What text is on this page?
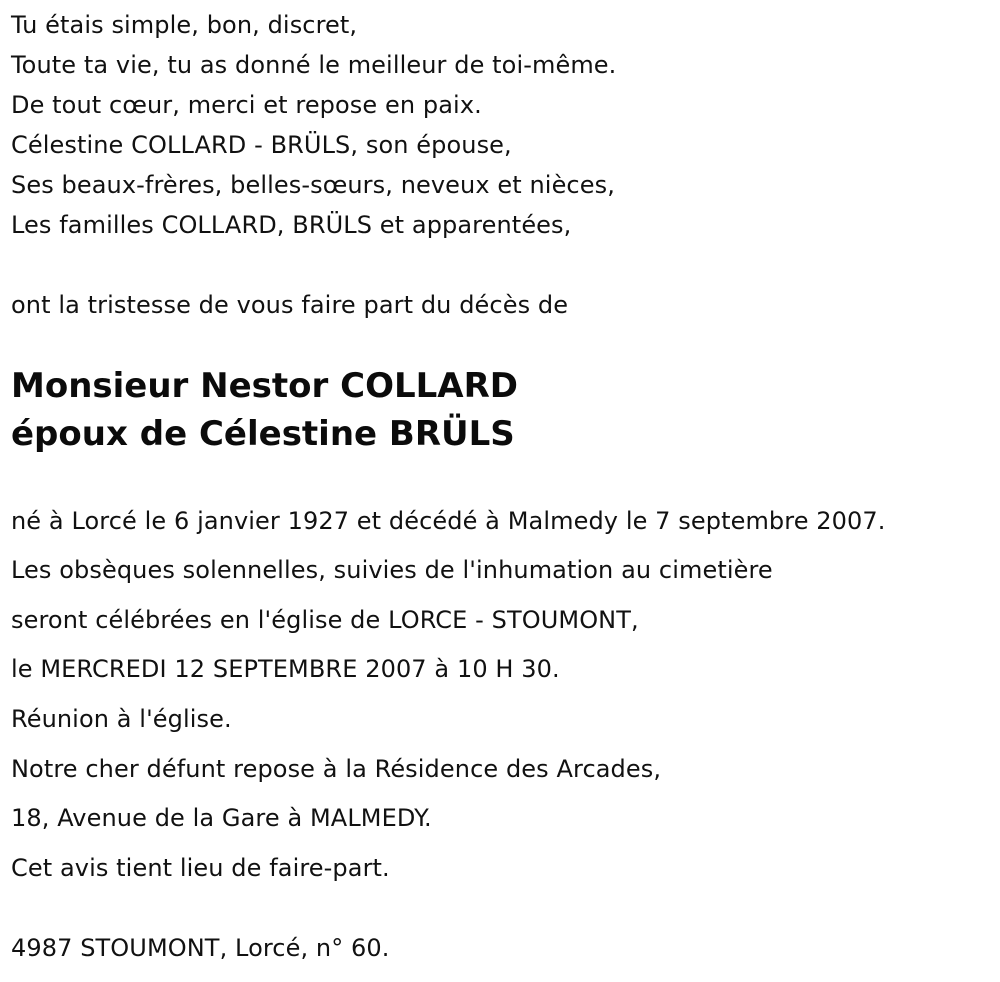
Tu étais simple, bon, discret,
Toute ta vie, tu as donné le meilleur de toi-même.
De tout cœur, merci et repose en paix.
Célestine COLLARD - BRÜLS, son épouse,
Ses beaux-frères, belles-sœurs, neveux et nièces,
Les familles COLLARD, BRÜLS et apparentées,
ont la tristesse de vous faire part du décès de
Monsieur Nestor COLLARD
époux de Célestine BRÜLS
né à Lorcé le 6 janvier 1927 et décédé à Malmedy le 7 septembre 2007.
Les obsèques solennelles, suivies de l'inhumation au cimetière
seront célébrées en l'église de LORCE - STOUMONT,
le MERCREDI 12 SEPTEMBRE 2007 à 10 H 30.
Réunion à l'église.
Notre cher défunt repose à la Résidence des Arcades,
18, Avenue de la Gare à MALMEDY.
Cet avis tient lieu de faire-part.
4987 STOUMONT, Lorcé, n° 60.
